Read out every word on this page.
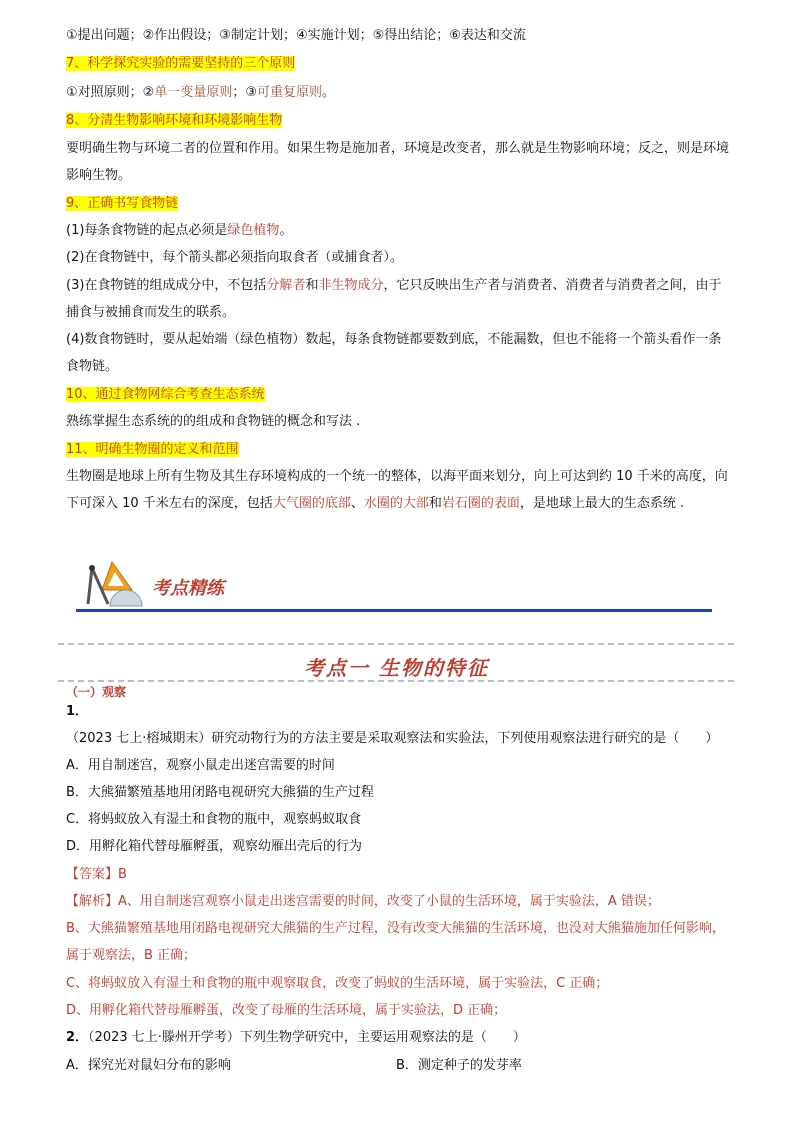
①提出问题；②作出假设；③制定计划；④实施计划；⑤得出结论；⑥表达和交流

7、科学探究实验的需要坚持的三个原则

①对照原则；②单一变量原则；③可重复原则。

8、分清生物影响环境和环境影响生物

要明确生物与环境二者的位置和作用。如果生物是施加者，环境是改变者，那么就是生物影响环境；反之，则是环境影响生物。

9、正确书写食物链

(1)每条食物链的起点必须是绿色植物。

(2)在食物链中，每个箭头都必须指向取食者（或捕食者）。

(3)在食物链的组成成分中，不包括分解者和非生物成分，它只反映出生产者与消费者、消费者与消费者之间，由于捕食与被捕食而发生的联系。

(4)数食物链时，要从起始端（绿色植物）数起，每条食物链都要数到底，不能漏数，但也不能将一个箭头看作一条食物链。

10、通过食物网综合考查生态系统

熟练掌握生态系统的的组成和食物链的概念和写法 .

11、明确生物圈的定义和范围

生物圈是地球上所有生物及其生存环境构成的一个统一的整体，以海平面来划分，向上可达到约 10 千米的高度，向下可深入 10 千米左右的深度，包括大气圈的底部、水圈的大部和岩石圈的表面，是地球上最大的生态系统 .

考点精练
考点一 生物的特征
（一）观察

1．（2023 七上·榕城期末）研究动物行为的方法主要是采取观察法和实验法，下列使用观察法进行研究的是（　　）

A．用自制迷宫，观察小鼠走出迷宫需要的时间

B．大熊猫繁殖基地用闭路电视研究大熊猫的生产过程

C．将蚂蚁放入有湿土和食物的瓶中，观察蚂蚁取食

D．用孵化箱代替母雁孵蛋，观察幼雁出壳后的行为

【答案】B

【解析】A、用自制迷宫观察小鼠走出迷宫需要的时间，改变了小鼠的生活环境，属于实验法，A 错误；

B、大熊猫繁殖基地用闭路电视研究大熊猫的生产过程，没有改变大熊猫的生活环境，也没对大熊猫施加任何影响，属于观察法，B 正确；

C、将蚂蚁放入有湿土和食物的瓶中观察取食，改变了蚂蚁的生活环境，属于实验法，C 正确；

D、用孵化箱代替母雁孵蛋，改变了母雁的生活环境，属于实验法，D 正确；

2．（2023 七上·滕州开学考）下列生物学研究中，主要运用观察法的是（　　）

A．探究光对鼠妇分布的影响	B．测定种子的发芽率
